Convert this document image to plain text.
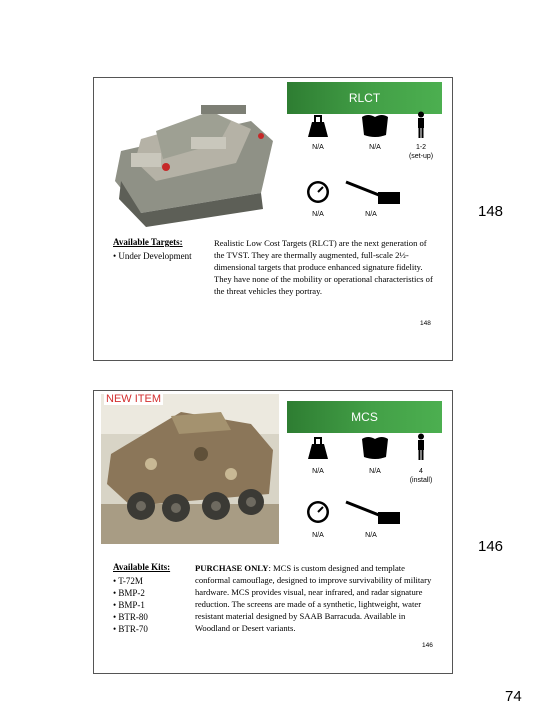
RLCT
N/A	N/A	1-2
(set-up)
N/A	N/A
Available Targets:
• Under Development
Realistic Low Cost Targets (RLCT) are the next generation of the TVST. They are thermally augmented, full-scale 2½-dimensional targets that produce enhanced signature fidelity. They have none of the mobility or operational characteristics of the threat vehicles they portray.
148
148
NEW ITEM
MCS
N/A	N/A	4
(install)
N/A	N/A
Available Kits:
• T-72M
• BMP-2
• BMP-1
• BTR-80
• BTR-70
PURCHASE ONLY: MCS is custom designed and template conformal camouflage, designed to improve survivability of military hardware. MCS provides visual, near infrared, and radar signature reduction. The screens are made of a synthetic, lightweight, water resistant material designed by SAAB Barracuda. Available in Woodland or Desert variants.
146
146
74
